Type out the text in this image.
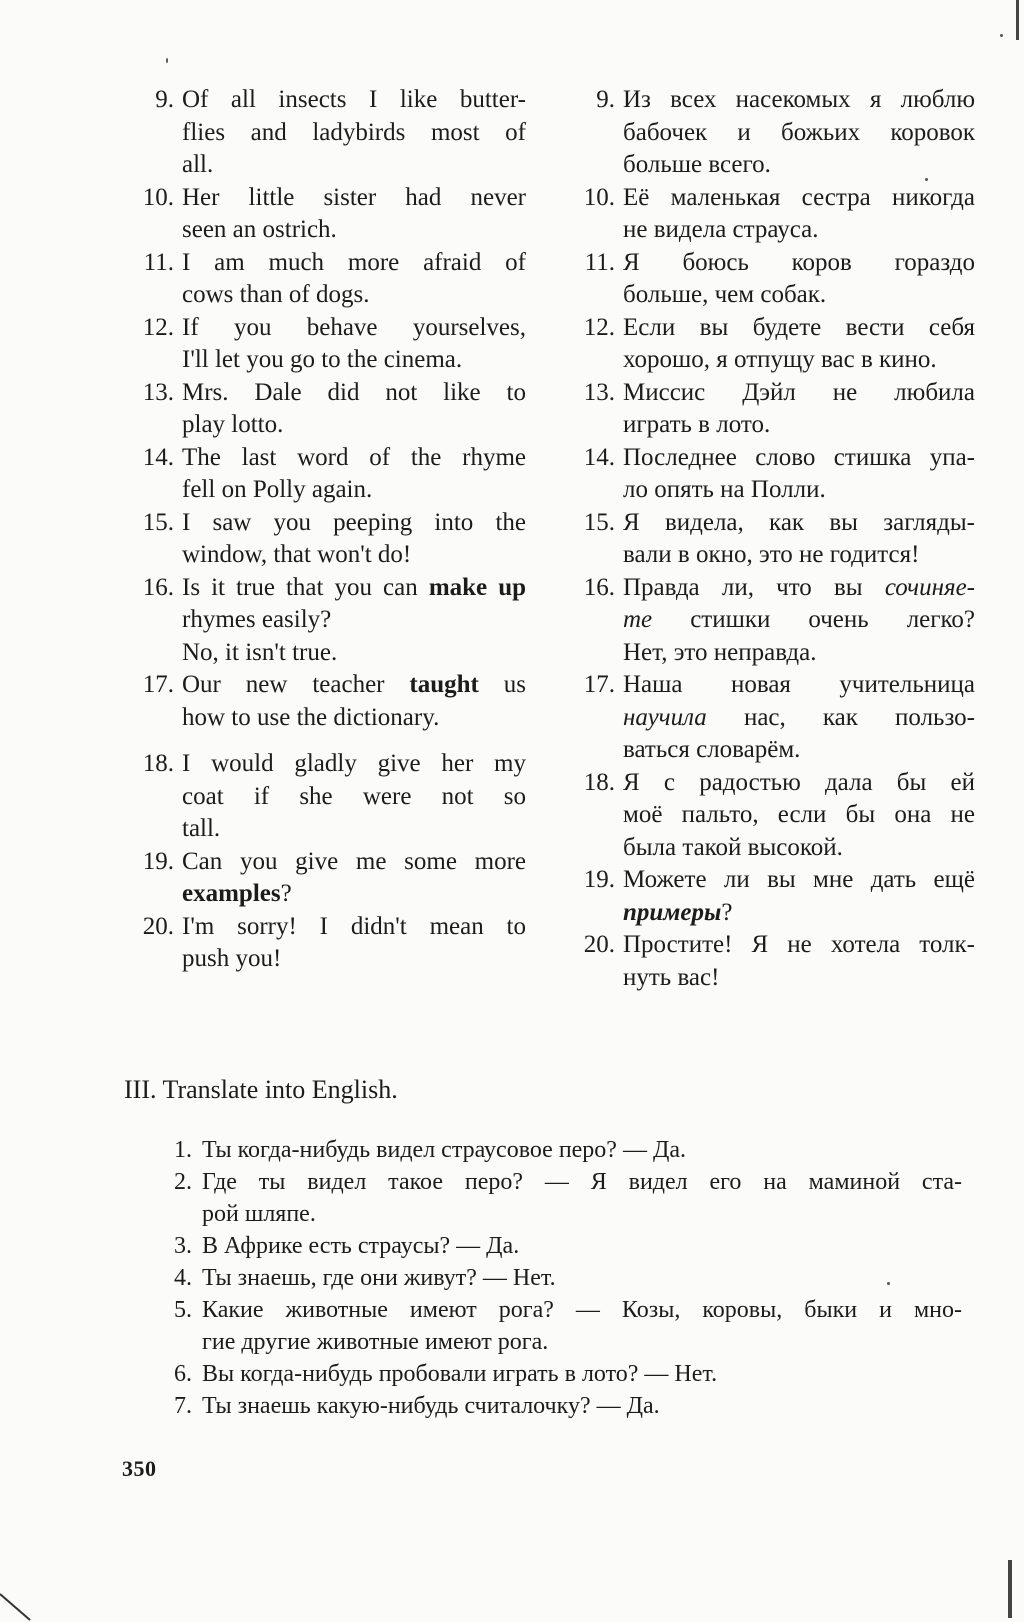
9. Of all insects I like butter-
flies and ladybirds most of
all.
10. Her little sister had never
seen an ostrich.
11. I am much more afraid of
cows than of dogs.
12. If you behave yourselves,
I'll let you go to the cinema.
13. Mrs. Dale did not like to
play lotto.
14. The last word of the rhyme
fell on Polly again.
15. I saw you peeping into the
window, that won't do!
16. Is it true that you can make up
rhymes easily?
No, it isn't true.
17. Our new teacher taught us
how to use the dictionary.
18. I would gladly give her my
coat if she were not so
tall.
19. Can you give me some more
examples?
20. I'm sorry! I didn't mean to
push you!
9. Из всех насекомых я люблю
бабочек и божьих коровок
больше всего.
10. Её маленькая сестра никогда
не видела страуса.
11. Я боюсь коров гораздо
больше, чем собак.
12. Если вы будете вести себя
хорошо, я отпущу вас в кино.
13. Миссис Дэйл не любила
играть в лото.
14. Последнее слово стишка упа-
ло опять на Полли.
15. Я видела, как вы загляды-
вали в окно, это не годится!
16. Правда ли, что вы сочиняе-
те стишки очень легко?
Нет, это неправда.
17. Наша новая учительница
научила нас, как пользо-
ваться словарём.
18. Я с радостью дала бы ей
моё пальто, если бы она не
была такой высокой.
19. Можете ли вы мне дать ещё
примеры?
20. Простите! Я не хотела толк-
нуть вас!
III. Translate into English.
1. Ты когда-нибудь видел страусовое перо? — Да.
2. Где ты видел такое перо? — Я видел его на маминой ста-
рой шляпе.
3. В Африке есть страусы? — Да.
4. Ты знаешь, где они живут? — Нет.
5. Какие животные имеют рога? — Козы, коровы, быки и мно-
гие другие животные имеют рога.
6. Вы когда-нибудь пробовали играть в лото? — Нет.
7. Ты знаешь какую-нибудь считалочку? — Да.
350
